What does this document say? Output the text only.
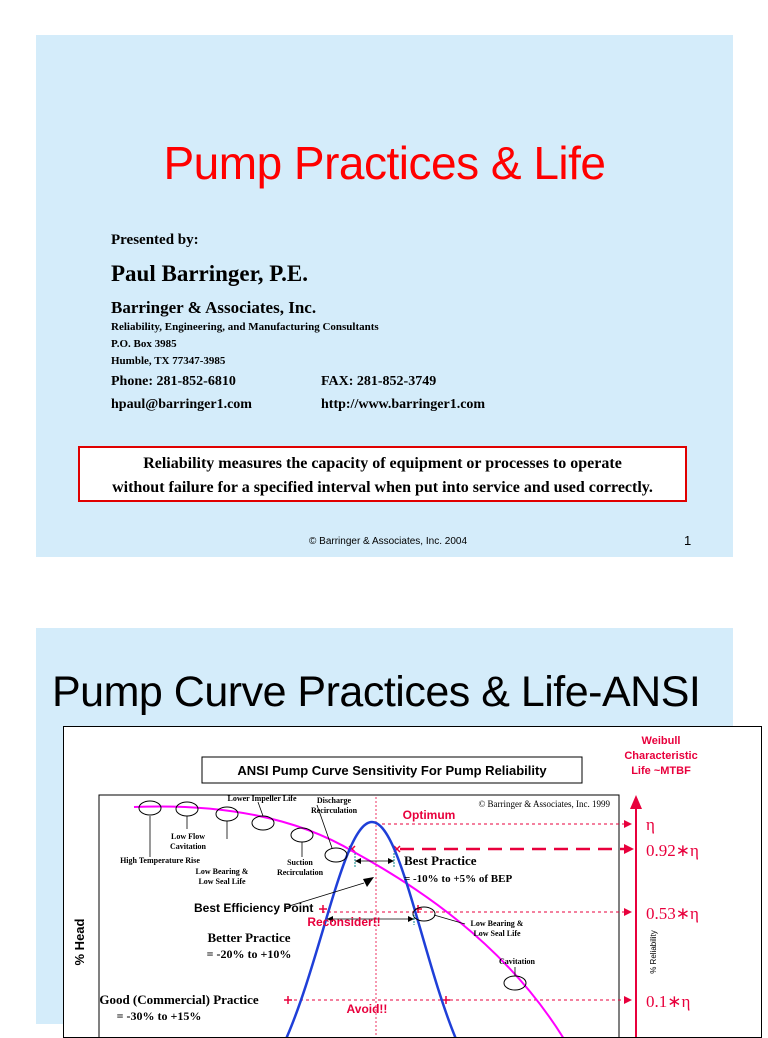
Pump Practices & Life
Presented by:
Paul Barringer, P.E.
Barringer & Associates, Inc.
Reliability, Engineering, and Manufacturing Consultants
P.O. Box 3985
Humble, TX 77347-3985
Phone: 281-852-6810	FAX: 281-852-3749
hpaul@barringer1.com	http://www.barringer1.com
Reliability measures the capacity of equipment or processes to operate
without failure for a specified interval when put into service and used correctly.
© Barringer & Associates, Inc. 2004	1
Pump Curve Practices & Life-ANSI
ANSI Pump Curve Sensitivity For Pump Reliability
Weibull
Characteristic
Life ~MTBF
© Barringer & Associates, Inc. 1999
% Head	% Reliability
Optimum	η
0.92∗η
0.53∗η
0.1∗η
Lower Impeller Life	Discharge
Recirculation
Low Flow
Cavitation
High Temperature Rise
Low Bearing &
Low Seal Life
Suction
Recirculation
Low Bearing &
Low Seal Life
Cavitation
Best Practice
= -10% to +5% of BEP
Best Efficiency Point
Reconsider!!
Better Practice
= -20% to +10%
Good (Commercial) Practice
= -30% to +15%	Avoid!!
